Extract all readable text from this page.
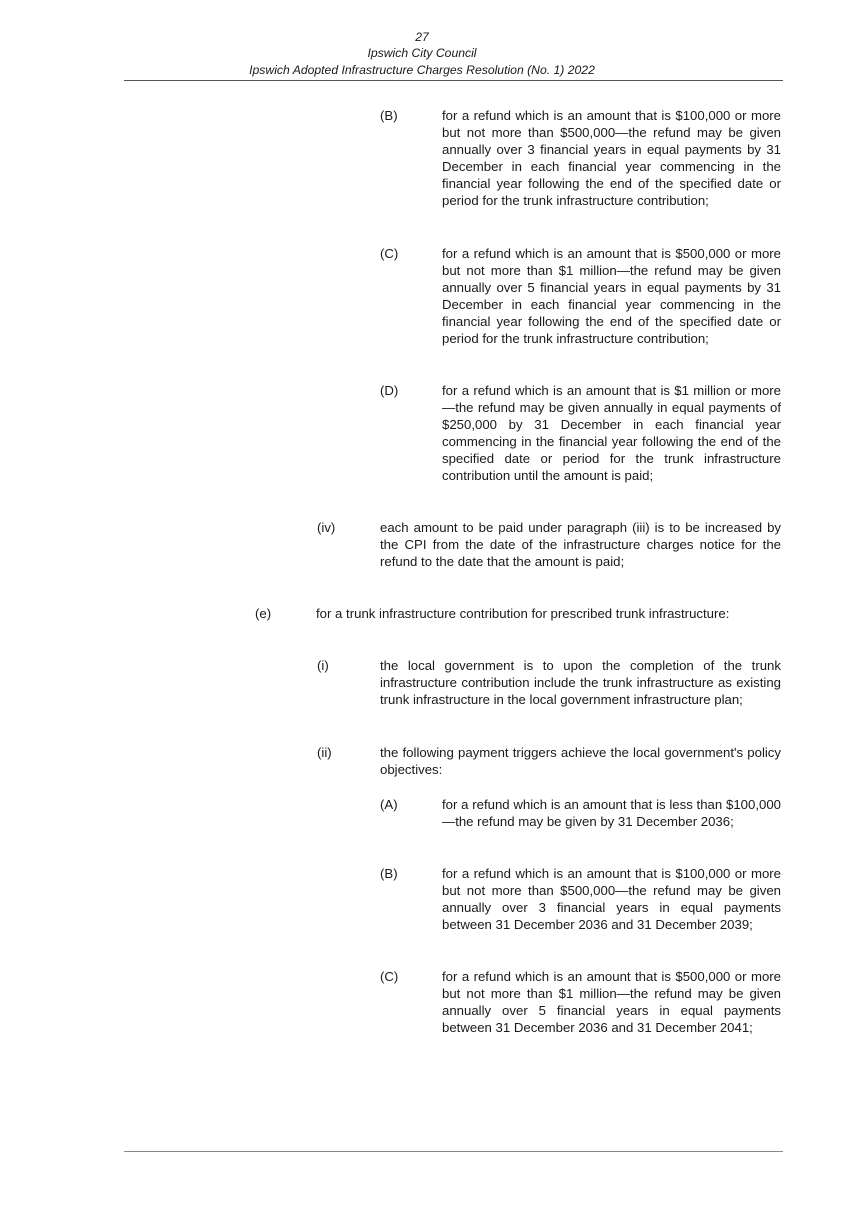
27
Ipswich City Council
Ipswich Adopted Infrastructure Charges Resolution (No. 1) 2022
(B)	for a refund which is an amount that is $100,000 or more but not more than $500,000—the refund may be given annually over 3 financial years in equal payments by 31 December in each financial year commencing in the financial year following the end of the specified date or period for the trunk infrastructure contribution;
(C)	for a refund which is an amount that is $500,000 or more but not more than $1 million—the refund may be given annually over 5 financial years in equal payments by 31 December in each financial year commencing in the financial year following the end of the specified date or period for the trunk infrastructure contribution;
(D)	for a refund which is an amount that is $1 million or more—the refund may be given annually in equal payments of $250,000 by 31 December in each financial year commencing in the financial year following the end of the specified date or period for the trunk infrastructure contribution until the amount is paid;
(iv)	each amount to be paid under paragraph (iii) is to be increased by the CPI from the date of the infrastructure charges notice for the refund to the date that the amount is paid;
(e)	for a trunk infrastructure contribution for prescribed trunk infrastructure:
(i)	the local government is to upon the completion of the trunk infrastructure contribution include the trunk infrastructure as existing trunk infrastructure in the local government infrastructure plan;
(ii)	the following payment triggers achieve the local government's policy objectives:
(A)	for a refund which is an amount that is less than $100,000—the refund may be given by 31 December 2036;
(B)	for a refund which is an amount that is $100,000 or more but not more than $500,000—the refund may be given annually over 3 financial years in equal payments between 31 December 2036 and 31 December 2039;
(C)	for a refund which is an amount that is $500,000 or more but not more than $1 million—the refund may be given annually over 5 financial years in equal payments between 31 December 2036 and 31 December 2041;
